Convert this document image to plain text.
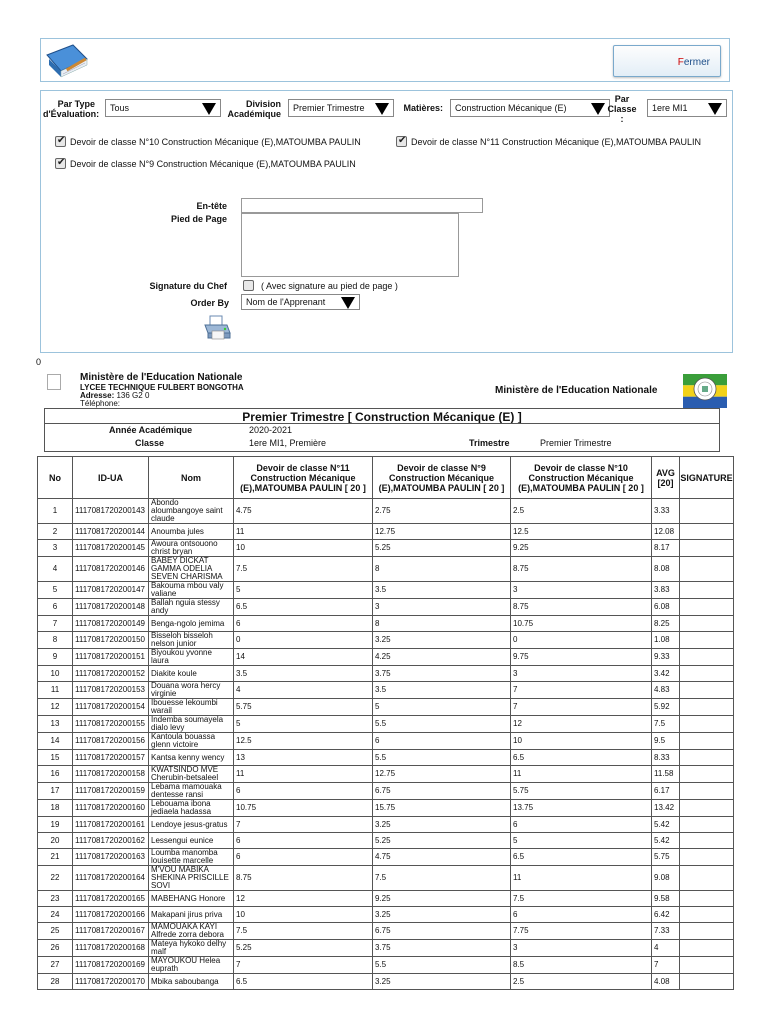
Fermer
Par Type d'Évaluation:
Tous	Division Académique
Premier Trimestre	Matières:	Construction Mécanique (E)
Par Classe :
1ere MI1
✔
Devoir de classe N°10 Construction Mécanique (E),MATOUMBA PAULIN ✔	Devoir de classe N°11 Construction Mécanique (E),MATOUMBA PAULIN
✔
Devoir de classe N°9 Construction Mécanique (E),MATOUMBA PAULIN
En-tête
Pied de Page
Signature du Chef	( Avec signature au pied de page )
Order By	Nom de l'Apprenant
0
Ministère de l'Education Nationale
LYCEE TECHNIQUE FULBERT BONGOTHA
Adresse: 136 G2 0
Téléphone:
Ministère de l'Education Nationale
Premier Trimestre [ Construction Mécanique (E) ]
Année Académique	2020-2021
Classe	1ere MI1, Première	Trimestre	Premier Trimestre
No	ID-UA	Nom	Devoir de classe N°11 Construction Mécanique (E),MATOUMBA PAULIN [ 20 ]	Devoir de classe N°9 Construction Mécanique (E),MATOUMBA PAULIN [ 20 ]	Devoir de classe N°10 Construction Mécanique (E),MATOUMBA PAULIN [ 20 ]	AVG [20]	SIGNATURE
1	1117081720200143	Abondo aloumbangoye saint claude	4.75	2.75	2.5	3.33	
2	1117081720200144	Anoumba jules	11	12.75	12.5	12.08	
3	1117081720200145	Awoura ontsouono christ bryan	10	5.25	9.25	8.17	
4	1117081720200146	BABEY DICKAT GAMMA ODELIA SEVEN CHARISMA	7.5	8	8.75	8.08	
5	1117081720200147	Bakouma mbou valy valiane	5	3.5	3	3.83	
6	1117081720200148	Ballah nguia stessy andy	6.5	3	8.75	6.08	
7	1117081720200149	Benga-ngolo jemima	6	8	10.75	8.25	
8	1117081720200150	Bisseloh bisseloh nelson junior	0	3.25	0	1.08	
9	1117081720200151	Biyoukou yvonne laura	14	4.25	9.75	9.33	
10	1117081720200152	Diakite koule	3.5	3.75	3	3.42	
11	1117081720200153	Douana wora hercy virginie	4	3.5	7	4.83	
12	1117081720200154	Ibouesse lekoumbi warail	5.75	5	7	5.92	
13	1117081720200155	Indemba soumayela dialo levy	5	5.5	12	7.5	
14	1117081720200156	Kantoula bouassa glenn victoire	12.5	6	10	9.5	
15	1117081720200157	Kantsa kenny wency	13	5.5	6.5	8.33	
16	1117081720200158	KWATSINDO MVE Cherubin-betsaleel	11	12.75	11	11.58	
17	1117081720200159	Lebama mamouaka dentesse ransi	6	6.75	5.75	6.17	
18	1117081720200160	Lebouama ibona jediaela hadassa	10.75	15.75	13.75	13.42	
19	1117081720200161	Lendoye jesus-gratus	7	3.25	6	5.42	
20	1117081720200162	Lessengui eunice	6	5.25	5	5.42	
21	1117081720200163	Loumba manomba louisette marcelle	6	4.75	6.5	5.75	
22	1117081720200164	M'VOU MABIKA SHEKINA PRISCILLE SOVI	8.75	7.5	11	9.08	
23	1117081720200165	MABEHANG Honore	12	9.25	7.5	9.58	
24	1117081720200166	Makapani jirus priva	10	3.25	6	6.42	
25	1117081720200167	MAMOUAKA KAYI Alfrede zorra debora	7.5	6.75	7.75	7.33	
26	1117081720200168	Mateya hykoko delhy malf	5.25	3.75	3	4	
27	1117081720200169	MAYOUKOU Helea euprath	7	5.5	8.5	7	
28	1117081720200170	Mbika saboubanga	6.5	3.25	2.5	4.08	
